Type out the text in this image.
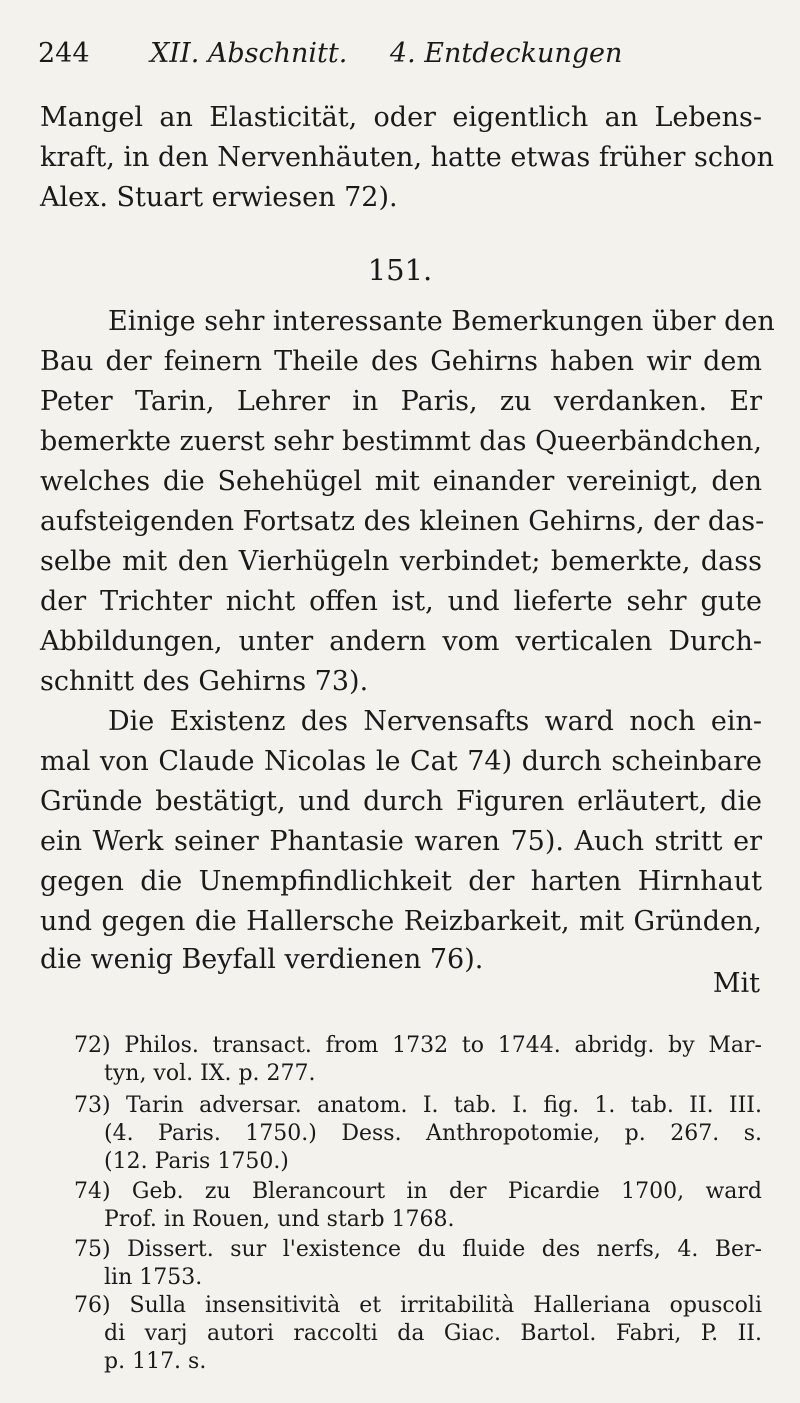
244 XII. Abschnitt. 4. Entdeckungen
Mangel an Elasticität, oder eigentlich an Lebens-
kraft, in den Nervenhäuten, hatte etwas früher schon
Alex. Stuart erwiesen 72).
151.
Einige sehr interessante Bemerkungen über den
Bau der feinern Theile des Gehirns haben wir dem
Peter Tarin, Lehrer in Paris, zu verdanken. Er
bemerkte zuerst sehr bestimmt das Queerbändchen,
welches die Sehehügel mit einander vereinigt, den
aufsteigenden Fortsatz des kleinen Gehirns, der das-
selbe mit den Vierhügeln verbindet; bemerkte, dass
der Trichter nicht offen ist, und lieferte sehr gute
Abbildungen, unter andern vom verticalen Durch-
schnitt des Gehirns 73).
Die Existenz des Nervensafts ward noch ein-
mal von Claude Nicolas le Cat 74) durch scheinbare
Gründe bestätigt, und durch Figuren erläutert, die
ein Werk seiner Phantasie waren 75). Auch stritt er
gegen die Unempfindlichkeit der harten Hirnhaut
und gegen die Hallersche Reizbarkeit, mit Gründen,
die wenig Beyfall verdienen 76).
Mit
72) Philos. transact. from 1732 to 1744. abridg. by Mar-
tyn, vol. IX. p. 277.
73) Tarin adversar. anatom. I. tab. I. fig. 1. tab. II. III.
(4. Paris. 1750.) Dess. Anthropotomie, p. 267. s.
(12. Paris 1750.)
74) Geb. zu Blerancourt in der Picardie 1700, ward
Prof. in Rouen, und starb 1768.
75) Dissert. sur l'existence du fluide des nerfs, 4. Ber-
lin 1753.
76) Sulla insensitività et irritabilità Halleriana opuscoli
di varj autori raccolti da Giac. Bartol. Fabri, P. II.
p. 117. s.
